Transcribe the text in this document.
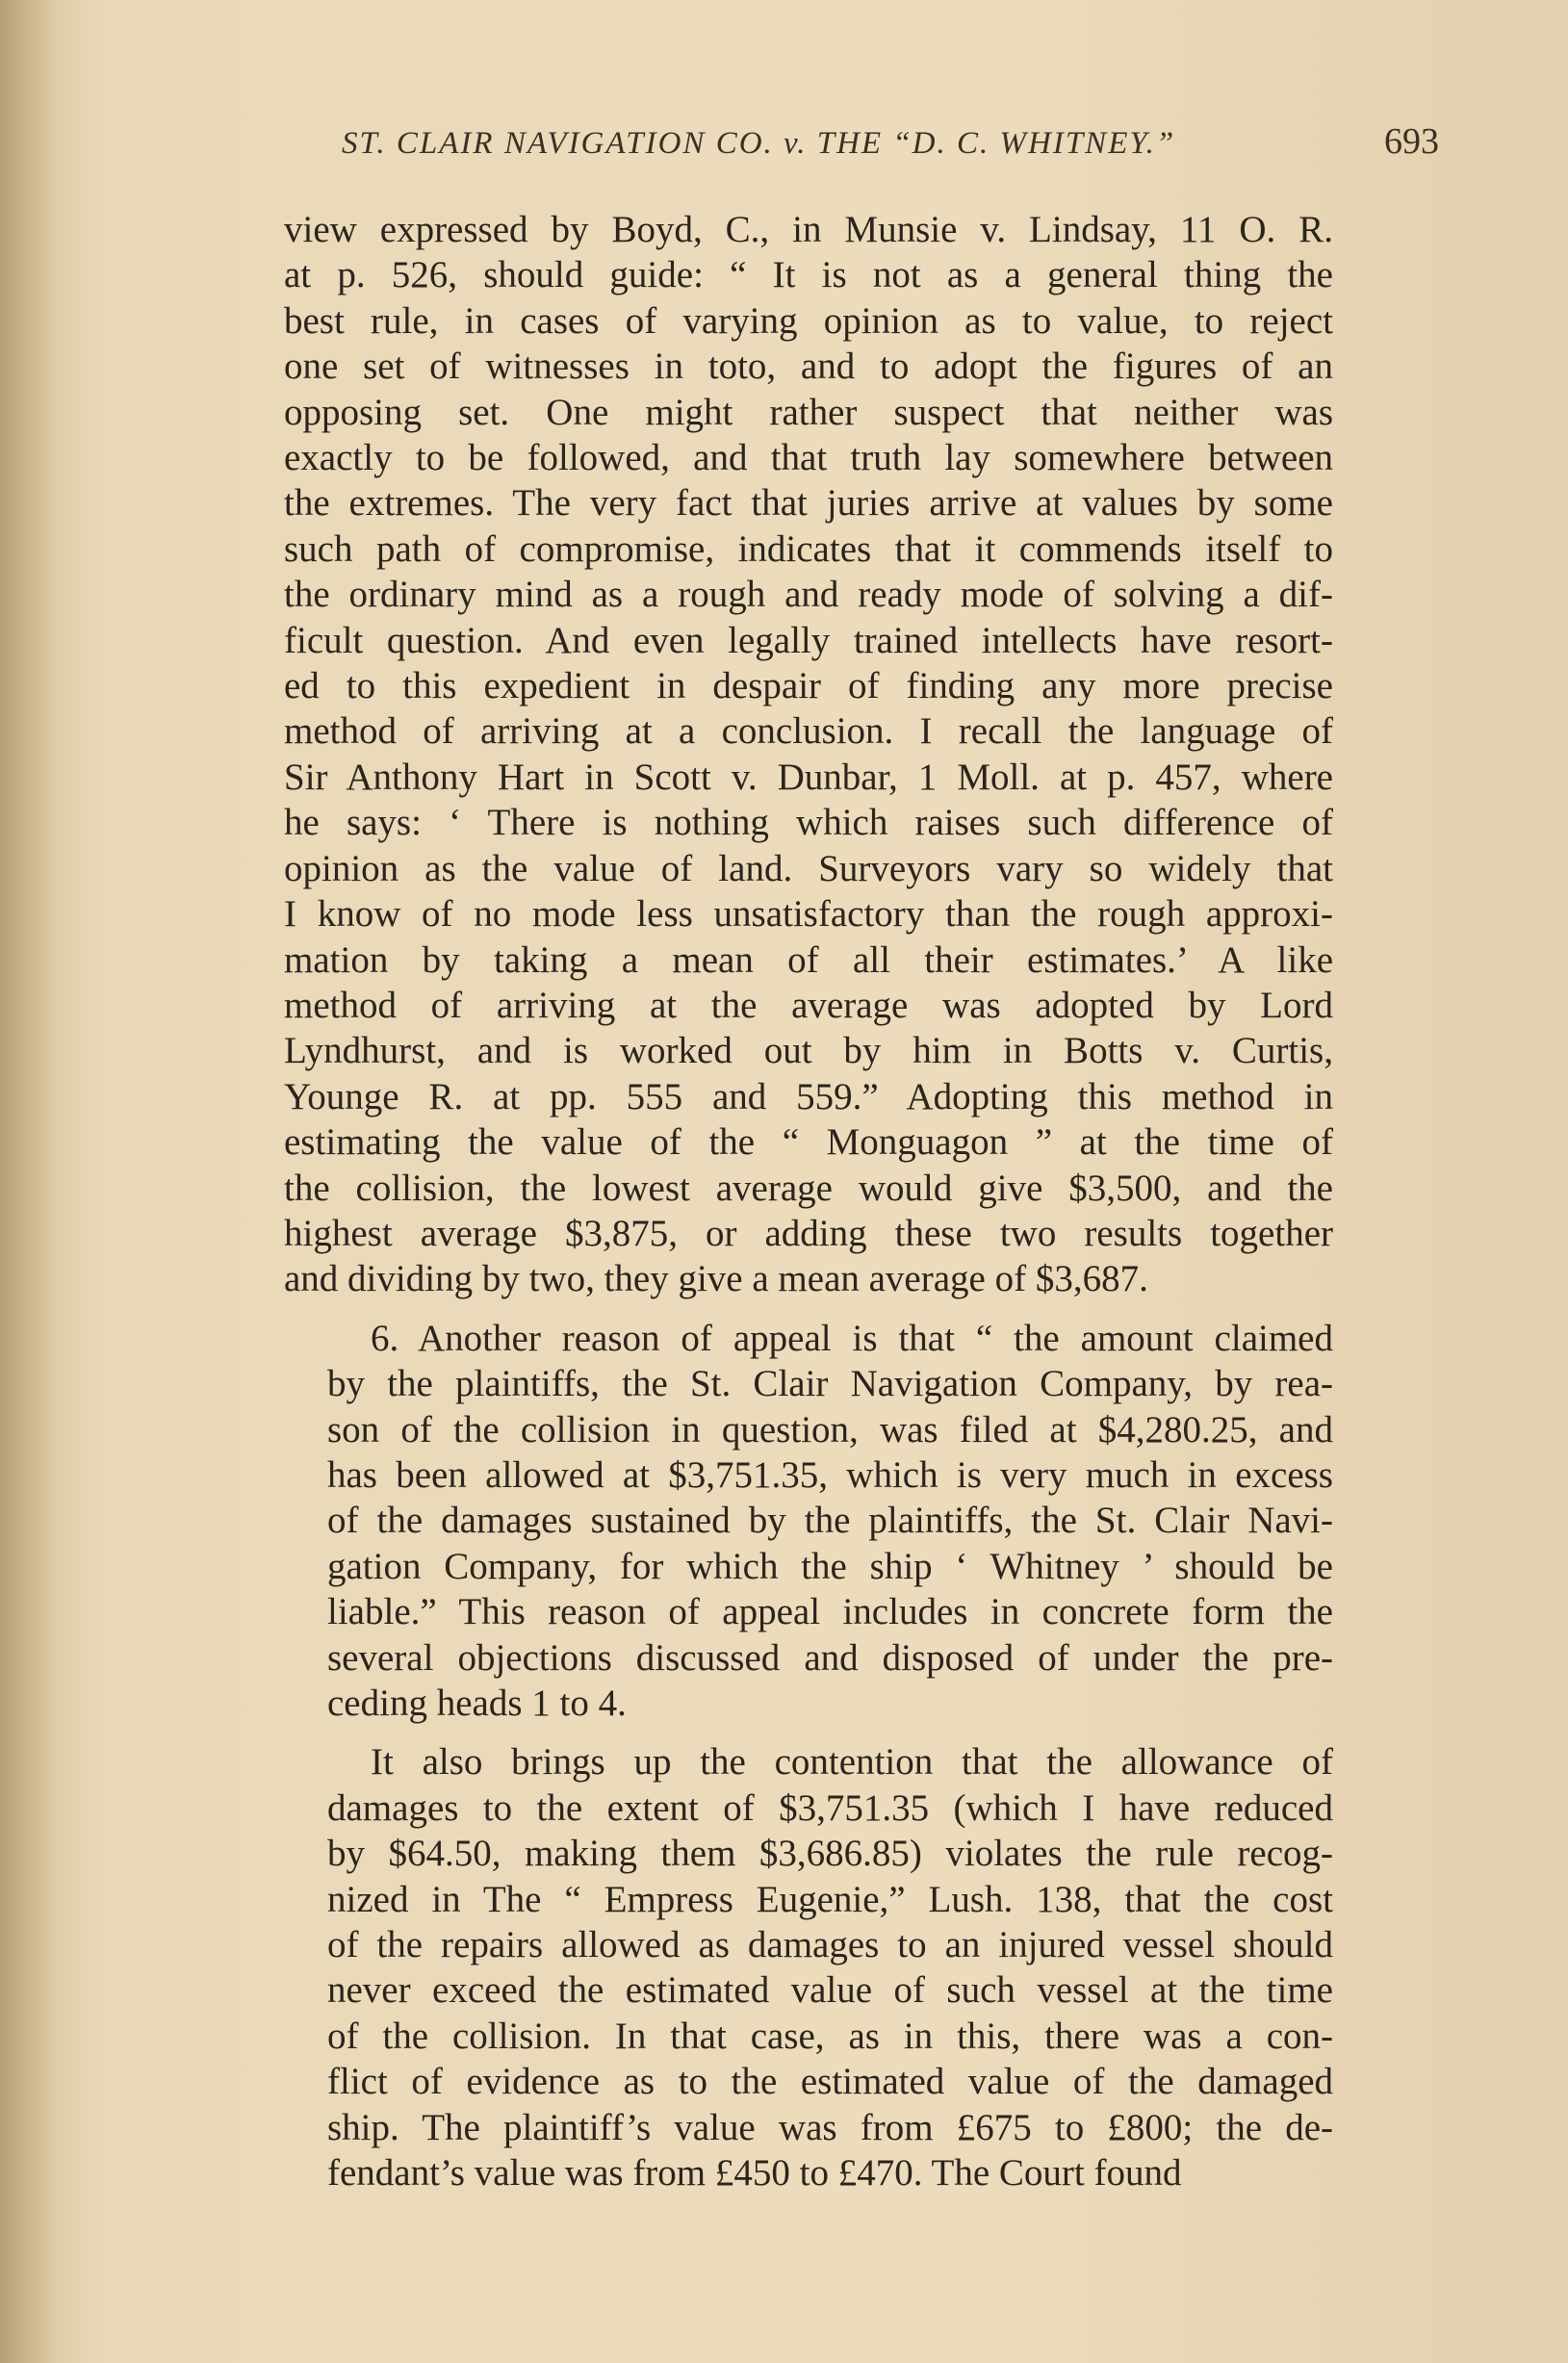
ST. CLAIR NAVIGATION CO. v. THE “D. C. WHITNEY.”	693

view expressed by Boyd, C., in Munsie v. Lindsay, 11 O. R.
at p. 526, should guide: “ It is not as a general thing the
best rule, in cases of varying opinion as to value, to reject
one set of witnesses in toto, and to adopt the figures of an
opposing set. One might rather suspect that neither was
exactly to be followed, and that truth lay somewhere between
the extremes. The very fact that juries arrive at values by some
such path of compromise, indicates that it commends itself to
the ordinary mind as a rough and ready mode of solving a dif-
ficult question. And even legally trained intellects have resort-
ed to this expedient in despair of finding any more precise
method of arriving at a conclusion. I recall the language of
Sir Anthony Hart in Scott v. Dunbar, 1 Moll. at p. 457, where
he says: ‘ There is nothing which raises such difference of
opinion as the value of land. Surveyors vary so widely that
I know of no mode less unsatisfactory than the rough approxi-
mation by taking a mean of all their estimates.’ A like
method of arriving at the average was adopted by Lord
Lyndhurst, and is worked out by him in Botts v. Curtis,
Younge R. at pp. 555 and 559.” Adopting this method in
estimating the value of the “ Monguagon ” at the time of
the collision, the lowest average would give $3,500, and the
highest average $3,875, or adding these two results together
and dividing by two, they give a mean average of $3,687.

6. Another reason of appeal is that “ the amount claimed
by the plaintiffs, the St. Clair Navigation Company, by rea-
son of the collision in question, was filed at $4,280.25, and
has been allowed at $3,751.35, which is very much in excess
of the damages sustained by the plaintiffs, the St. Clair Navi-
gation Company, for which the ship ‘ Whitney ’ should be
liable.” This reason of appeal includes in concrete form the
several objections discussed and disposed of under the pre-
ceding heads 1 to 4.

It also brings up the contention that the allowance of
damages to the extent of $3,751.35 (which I have reduced
by $64.50, making them $3,686.85) violates the rule recog-
nized in The “ Empress Eugenie,” Lush. 138, that the cost
of the repairs allowed as damages to an injured vessel should
never exceed the estimated value of such vessel at the time
of the collision. In that case, as in this, there was a con-
flict of evidence as to the estimated value of the damaged
ship. The plaintiff’s value was from £675 to £800; the de-
fendant’s value was from £450 to £470. The Court found
